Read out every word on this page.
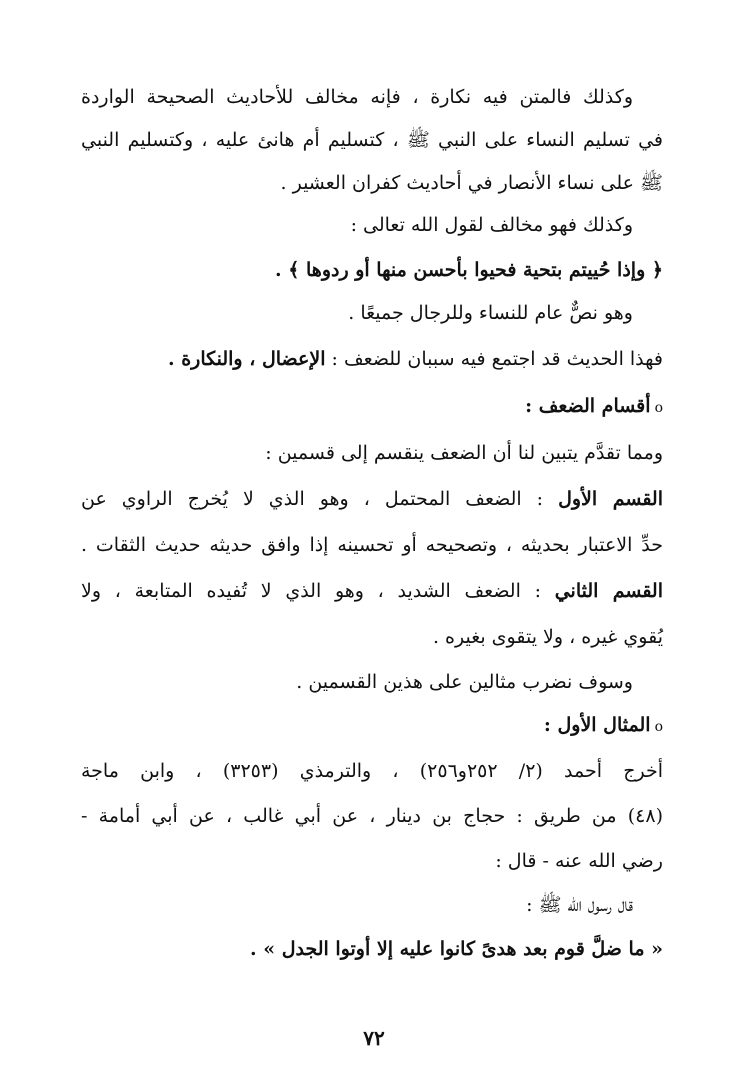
وكذلك فالمتن فيه نكارة ، فإنه مخالف للأحاديث الصحيحة الواردة
في تسليم النساء على النبي ﷺ ، كتسليم أم هانئ عليه ، وكتسليم النبي
ﷺ على نساء الأنصار في أحاديث كفران العشير .
وكذلك فهو مخالف لقول الله تعالى :
﴿ وإذا حُييتم بتحية فحيوا بأحسن منها أو ردوها ﴾ .
وهو نصٌّ عام للنساء وللرجال جميعًا .
فهذا الحديث قد اجتمع فيه سببان للضعف : الإعضال ، والنكارة .
oأقسام الضعف :
ومما تقدَّم يتبين لنا أن الضعف ينقسم إلى قسمين :
القسم الأول : الضعف المحتمل ، وهو الذي لا يُخرج الراوي عن
حدِّ الاعتبار بحديثه ، وتصحيحه أو تحسينه إذا وافق حديثه حديث الثقات .
القسم الثاني : الضعف الشديد ، وهو الذي لا تُفيده المتابعة ، ولا
يُقوي غيره ، ولا يتقوى بغيره .
وسوف نضرب مثالين على هذين القسمين .
oالمثال الأول :
أخرج أحمد (٢/ ٢٥٢و٢٥٦) ، والترمذي (٣٢٥٣) ، وابن ماجة
(٤٨) من طريق : حجاج بن دينار ، عن أبي غالب ، عن أبي أمامة -
رضي الله عنه - قال :
قال رسول الله ﷺ :
« ما ضلَّ قوم بعد هدىً كانوا عليه إلا أوتوا الجدل » .
٧٢
